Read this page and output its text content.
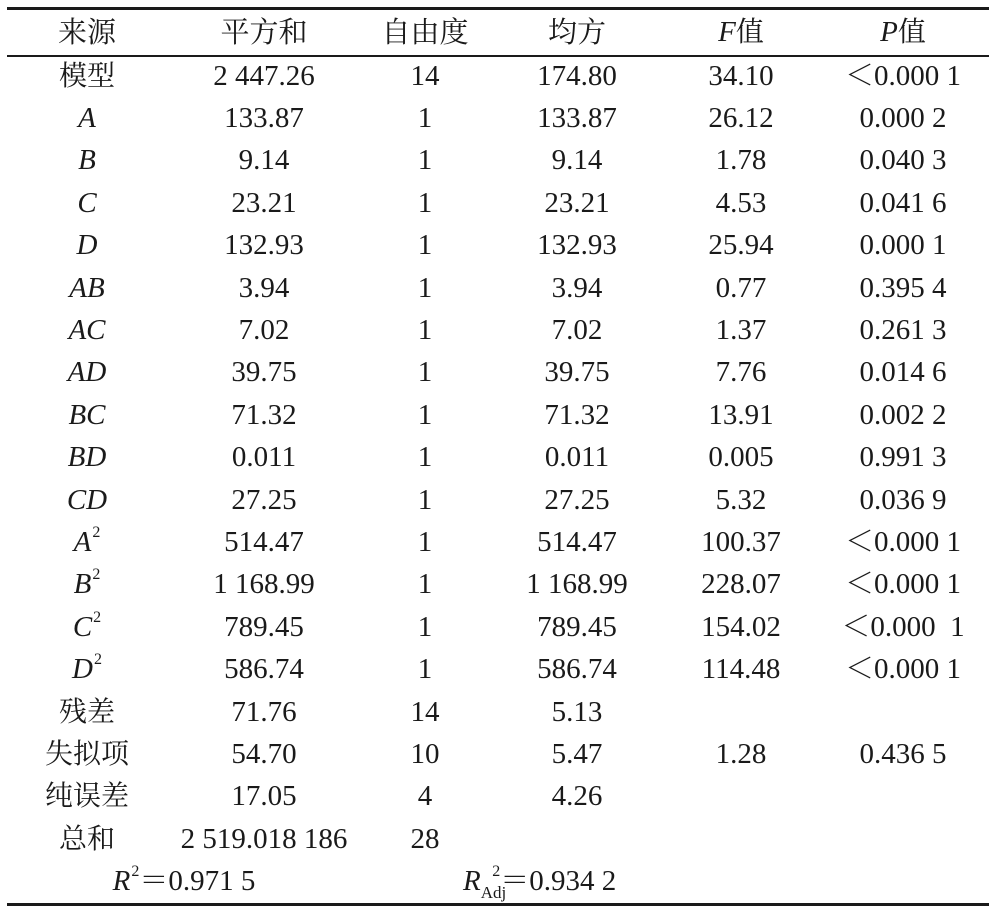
来源	平方和	自由度	均方	F值	P值
模型	2 447.26	14	174.80	34.10	＜0.000 1
A	133.87	1	133.87	26.12	0.000 2
B	9.14	1	9.14	1.78	0.040 3
C	23.21	1	23.21	4.53	0.041 6
D	132.93	1	132.93	25.94	0.000 1
AB	3.94	1	3.94	0.77	0.395 4
AC	7.02	1	7.02	1.37	0.261 3
AD	39.75	1	39.75	7.76	0.014 6
BC	71.32	1	71.32	13.91	0.002 2
BD	0.011	1	0.011	0.005	0.991 3
CD	27.25	1	27.25	5.32	0.036 9
$A^2$	514.47	1	514.47	100.37	＜0.000 1
$B^2$	1 168.99	1	1 168.99	228.07	＜0.000 1
$C^2$	789.45	1	789.45	154.02	＜0.000  1
$D^2$	586.74	1	586.74	114.48	＜0.000 1
残差	71.76	14	5.13		
失拟项	54.70	10	5.47	1.28	0.436 5
纯误差	17.05	4	4.26		
总和	2 519.018 186	28			
$R^2=0.971$ 5		$R_{Adj}^2=0.934$ 2			
